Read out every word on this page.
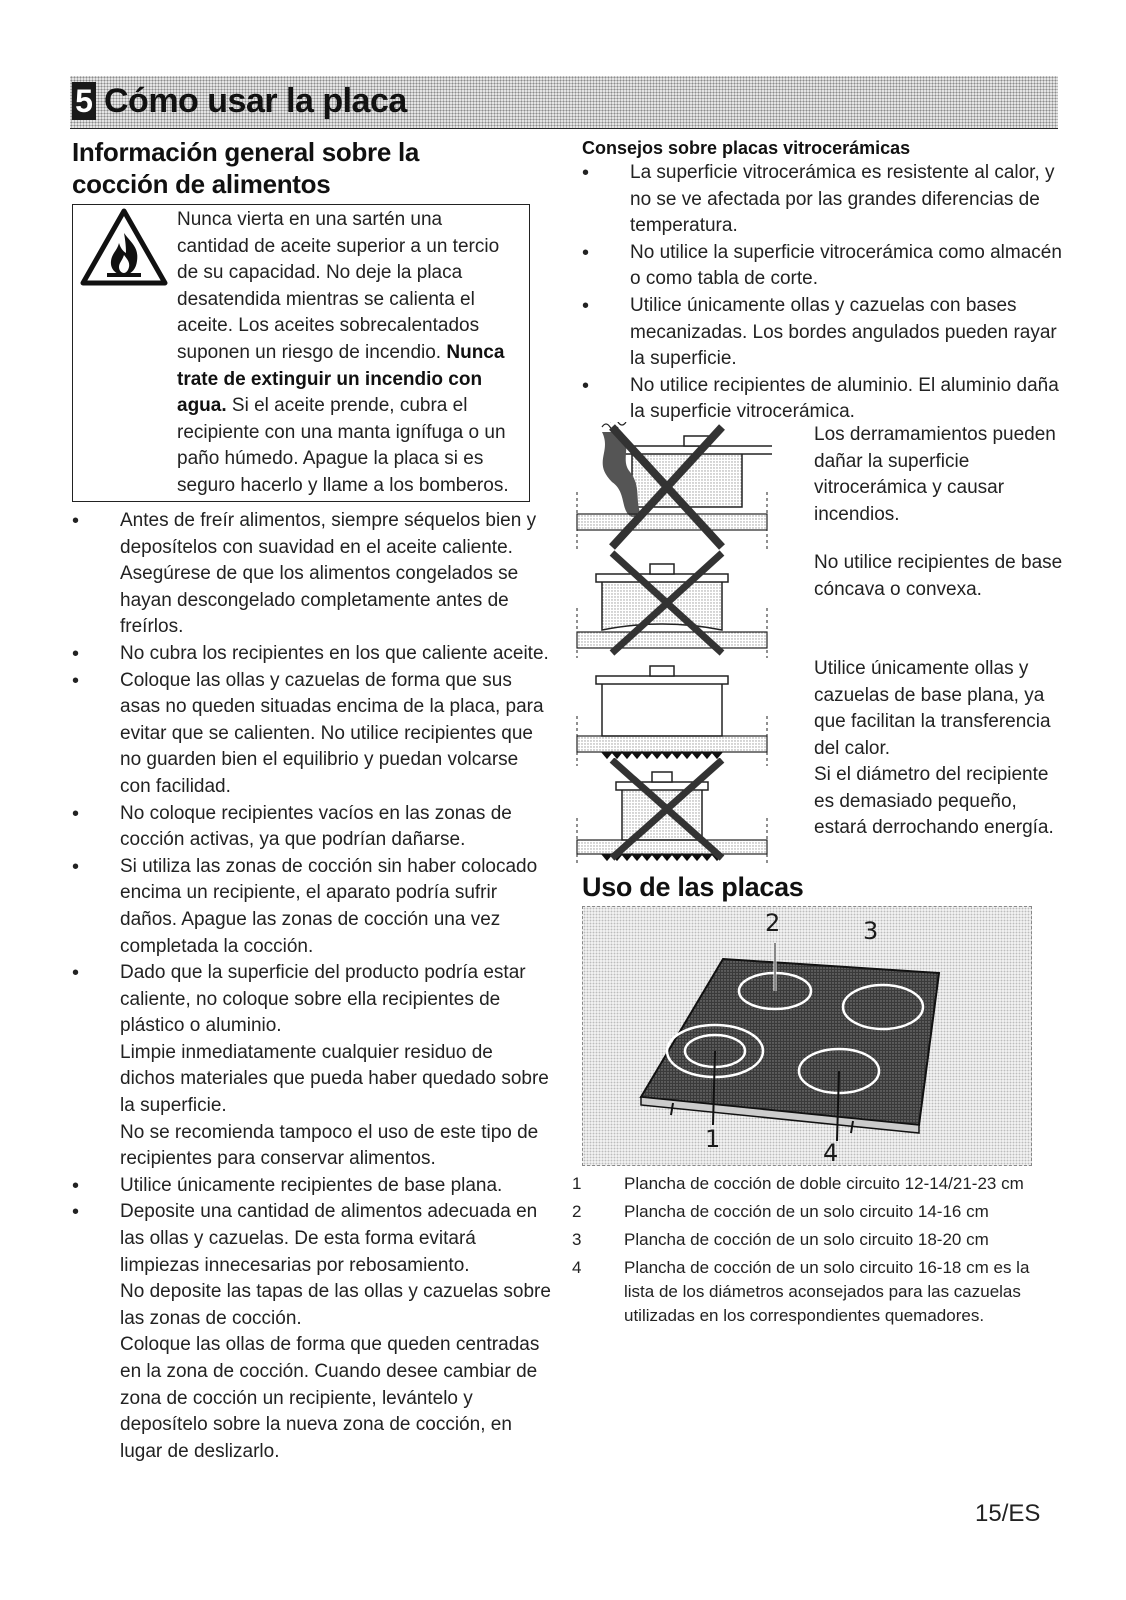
5 Cómo usar la placa
Información general sobre la cocción de alimentos
Nunca vierta en una sartén una cantidad de aceite superior a un tercio de su capacidad. No deje la placa desatendida mientras se calienta el aceite. Los aceites sobrecalentados suponen un riesgo de incendio. Nunca trate de extinguir un incendio con agua. Si el aceite prende, cubra el recipiente con una manta ignífuga o un paño húmedo. Apague la placa si es seguro hacerlo y llame a los bomberos.
• Antes de freír alimentos, siempre séquelos bien y deposítelos con suavidad en el aceite caliente. Asegúrese de que los alimentos congelados se hayan descongelado completamente antes de freírlos.
• No cubra los recipientes en los que caliente aceite.
• Coloque las ollas y cazuelas de forma que sus asas no queden situadas encima de la placa, para evitar que se calienten. No utilice recipientes que no guarden bien el equilibrio y puedan volcarse con facilidad.
• No coloque recipientes vacíos en las zonas de cocción activas, ya que podrían dañarse.
• Si utiliza las zonas de cocción sin haber colocado encima un recipiente, el aparato podría sufrir daños. Apague las zonas de cocción una vez completada la cocción.
• Dado que la superficie del producto podría estar caliente, no coloque sobre ella recipientes de plástico o aluminio.
Limpie inmediatamente cualquier residuo de dichos materiales que pueda haber quedado sobre la superficie.
No se recomienda tampoco el uso de este tipo de recipientes para conservar alimentos.
• Utilice únicamente recipientes de base plana.
• Deposite una cantidad de alimentos adecuada en las ollas y cazuelas. De esta forma evitará limpiezas innecesarias por rebosamiento.
No deposite las tapas de las ollas y cazuelas sobre las zonas de cocción.
Coloque las ollas de forma que queden centradas en la zona de cocción. Cuando desee cambiar de zona de cocción un recipiente, levántelo y deposítelo sobre la nueva zona de cocción, en lugar de deslizarlo.

Consejos sobre placas vitrocerámicas

• La superficie vitrocerámica es resistente al calor, y no se ve afectada por las grandes diferencias de temperatura.
• No utilice la superficie vitrocerámica como almacén o como tabla de corte.
• Utilice únicamente ollas y cazuelas con bases mecanizadas. Los bordes angulados pueden rayar la superficie.
• No utilice recipientes de aluminio. El aluminio daña la superficie vitrocerámica.
Los derramamientos pueden dañar la superficie vitrocerámica y causar incendios.
No utilice recipientes de base cóncava o convexa.
Utilice únicamente ollas y cazuelas de base plana, ya que facilitan la transferencia del calor.
Si el diámetro del recipiente es demasiado pequeño, estará derrochando energía.
Uso de las placas
2	3
1	4
1	Plancha de cocción de doble circuito 12-14/21-23 cm
2	Plancha de cocción de un solo circuito 14-16 cm
3	Plancha de cocción de un solo circuito 18-20 cm
4	Plancha de cocción de un solo circuito 16-18 cm es la lista de los diámetros aconsejados para las cazuelas utilizadas en los correspondientes quemadores.
15/ES
